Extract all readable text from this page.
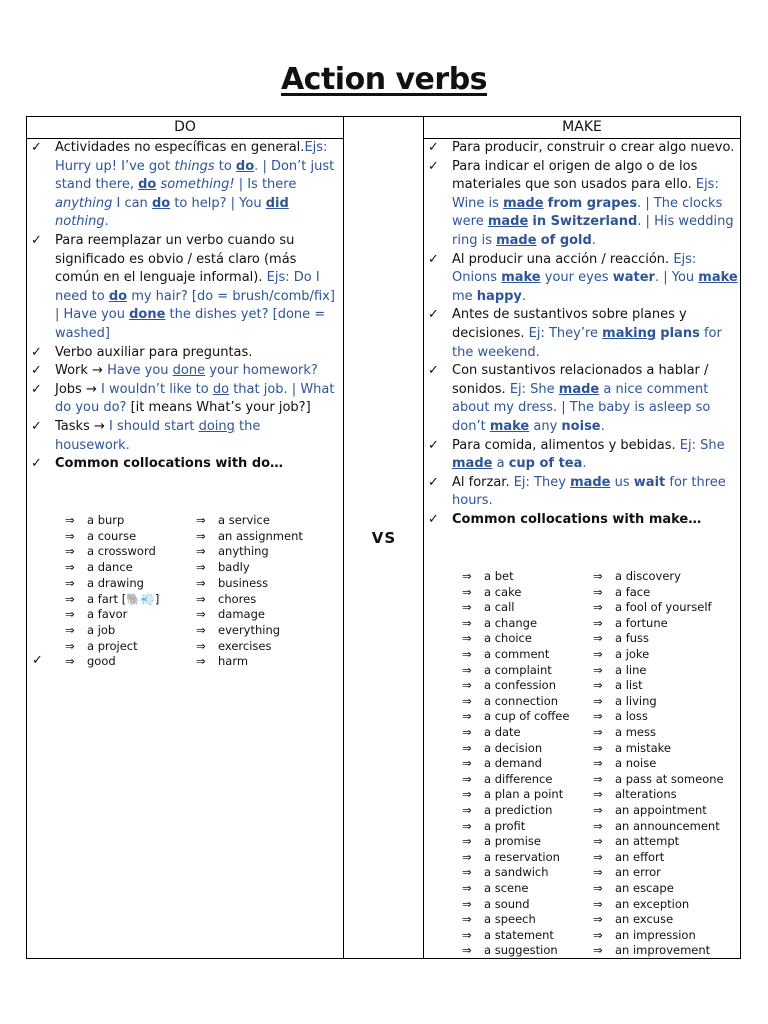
Action verbs
DO	MAKE
VS
✓ Actividades no específicas en general.Ejs: Hurry up! I’ve got things to do. | Don’t just stand there, do something! | Is there anything I can do to help? | You did nothing.
✓ Para reemplazar un verbo cuando su significado es obvio / está claro (más común en el lenguaje informal). Ejs: Do I need to do my hair? [do = brush/comb/fix] | Have you done the dishes yet? [done = washed]
✓ Verbo auxiliar para preguntas.
✓ Work → Have you done your homework?
✓ Jobs → I wouldn’t like to do that job. | What do you do? [it means What’s your job?]
✓ Tasks → I should start doing the housework.
✓ Common collocations with do…
✓ Para producir, construir o crear algo nuevo.
✓ Para indicar el origen de algo o de los materiales que son usados para ello. Ejs: Wine is made from grapes. | The clocks were made in Switzerland. | His wedding ring is made of gold.
✓ Al producir una acción / reacción. Ejs: Onions make your eyes water. | You make me happy.
✓ Antes de sustantivos sobre planes y decisiones. Ej: They’re making plans for the weekend.
✓ Con sustantivos relacionados a hablar / sonidos. Ej: She made a nice comment about my dress. | The baby is asleep so don’t make any noise.
✓ Para comida, alimentos y bebidas. Ej: She made a cup of tea.
✓ Al forzar. Ej: They made us wait for three hours.
✓ Common collocations with make…
⇒ a burp
⇒ a course
⇒ a crossword
⇒ a dance
⇒ a drawing
⇒ a fart [🐘💨]
⇒ a favor
⇒ a job
⇒ a project
⇒ good
⇒ a service
⇒ an assignment
⇒ anything
⇒ badly
⇒ business
⇒ chores
⇒ damage
⇒ everything
⇒ exercises
⇒ harm
⇒ a bet
⇒ a cake
⇒ a call
⇒ a change
⇒ a choice
⇒ a comment
⇒ a complaint
⇒ a confession
⇒ a connection
⇒ a cup of coffee
⇒ a date
⇒ a decision
⇒ a demand
⇒ a difference
⇒ a plan a point
⇒ a prediction
⇒ a profit
⇒ a promise
⇒ a reservation
⇒ a sandwich
⇒ a scene
⇒ a sound
⇒ a speech
⇒ a statement
⇒ a suggestion
⇒ a discovery
⇒ a face
⇒ a fool of yourself
⇒ a fortune
⇒ a fuss
⇒ a joke
⇒ a line
⇒ a list
⇒ a living
⇒ a loss
⇒ a mess
⇒ a mistake
⇒ a noise
⇒ a pass at someone
⇒ alterations
⇒ an appointment
⇒ an announcement
⇒ an attempt
⇒ an effort
⇒ an error
⇒ an escape
⇒ an exception
⇒ an excuse
⇒ an impression
⇒ an improvement
✓
